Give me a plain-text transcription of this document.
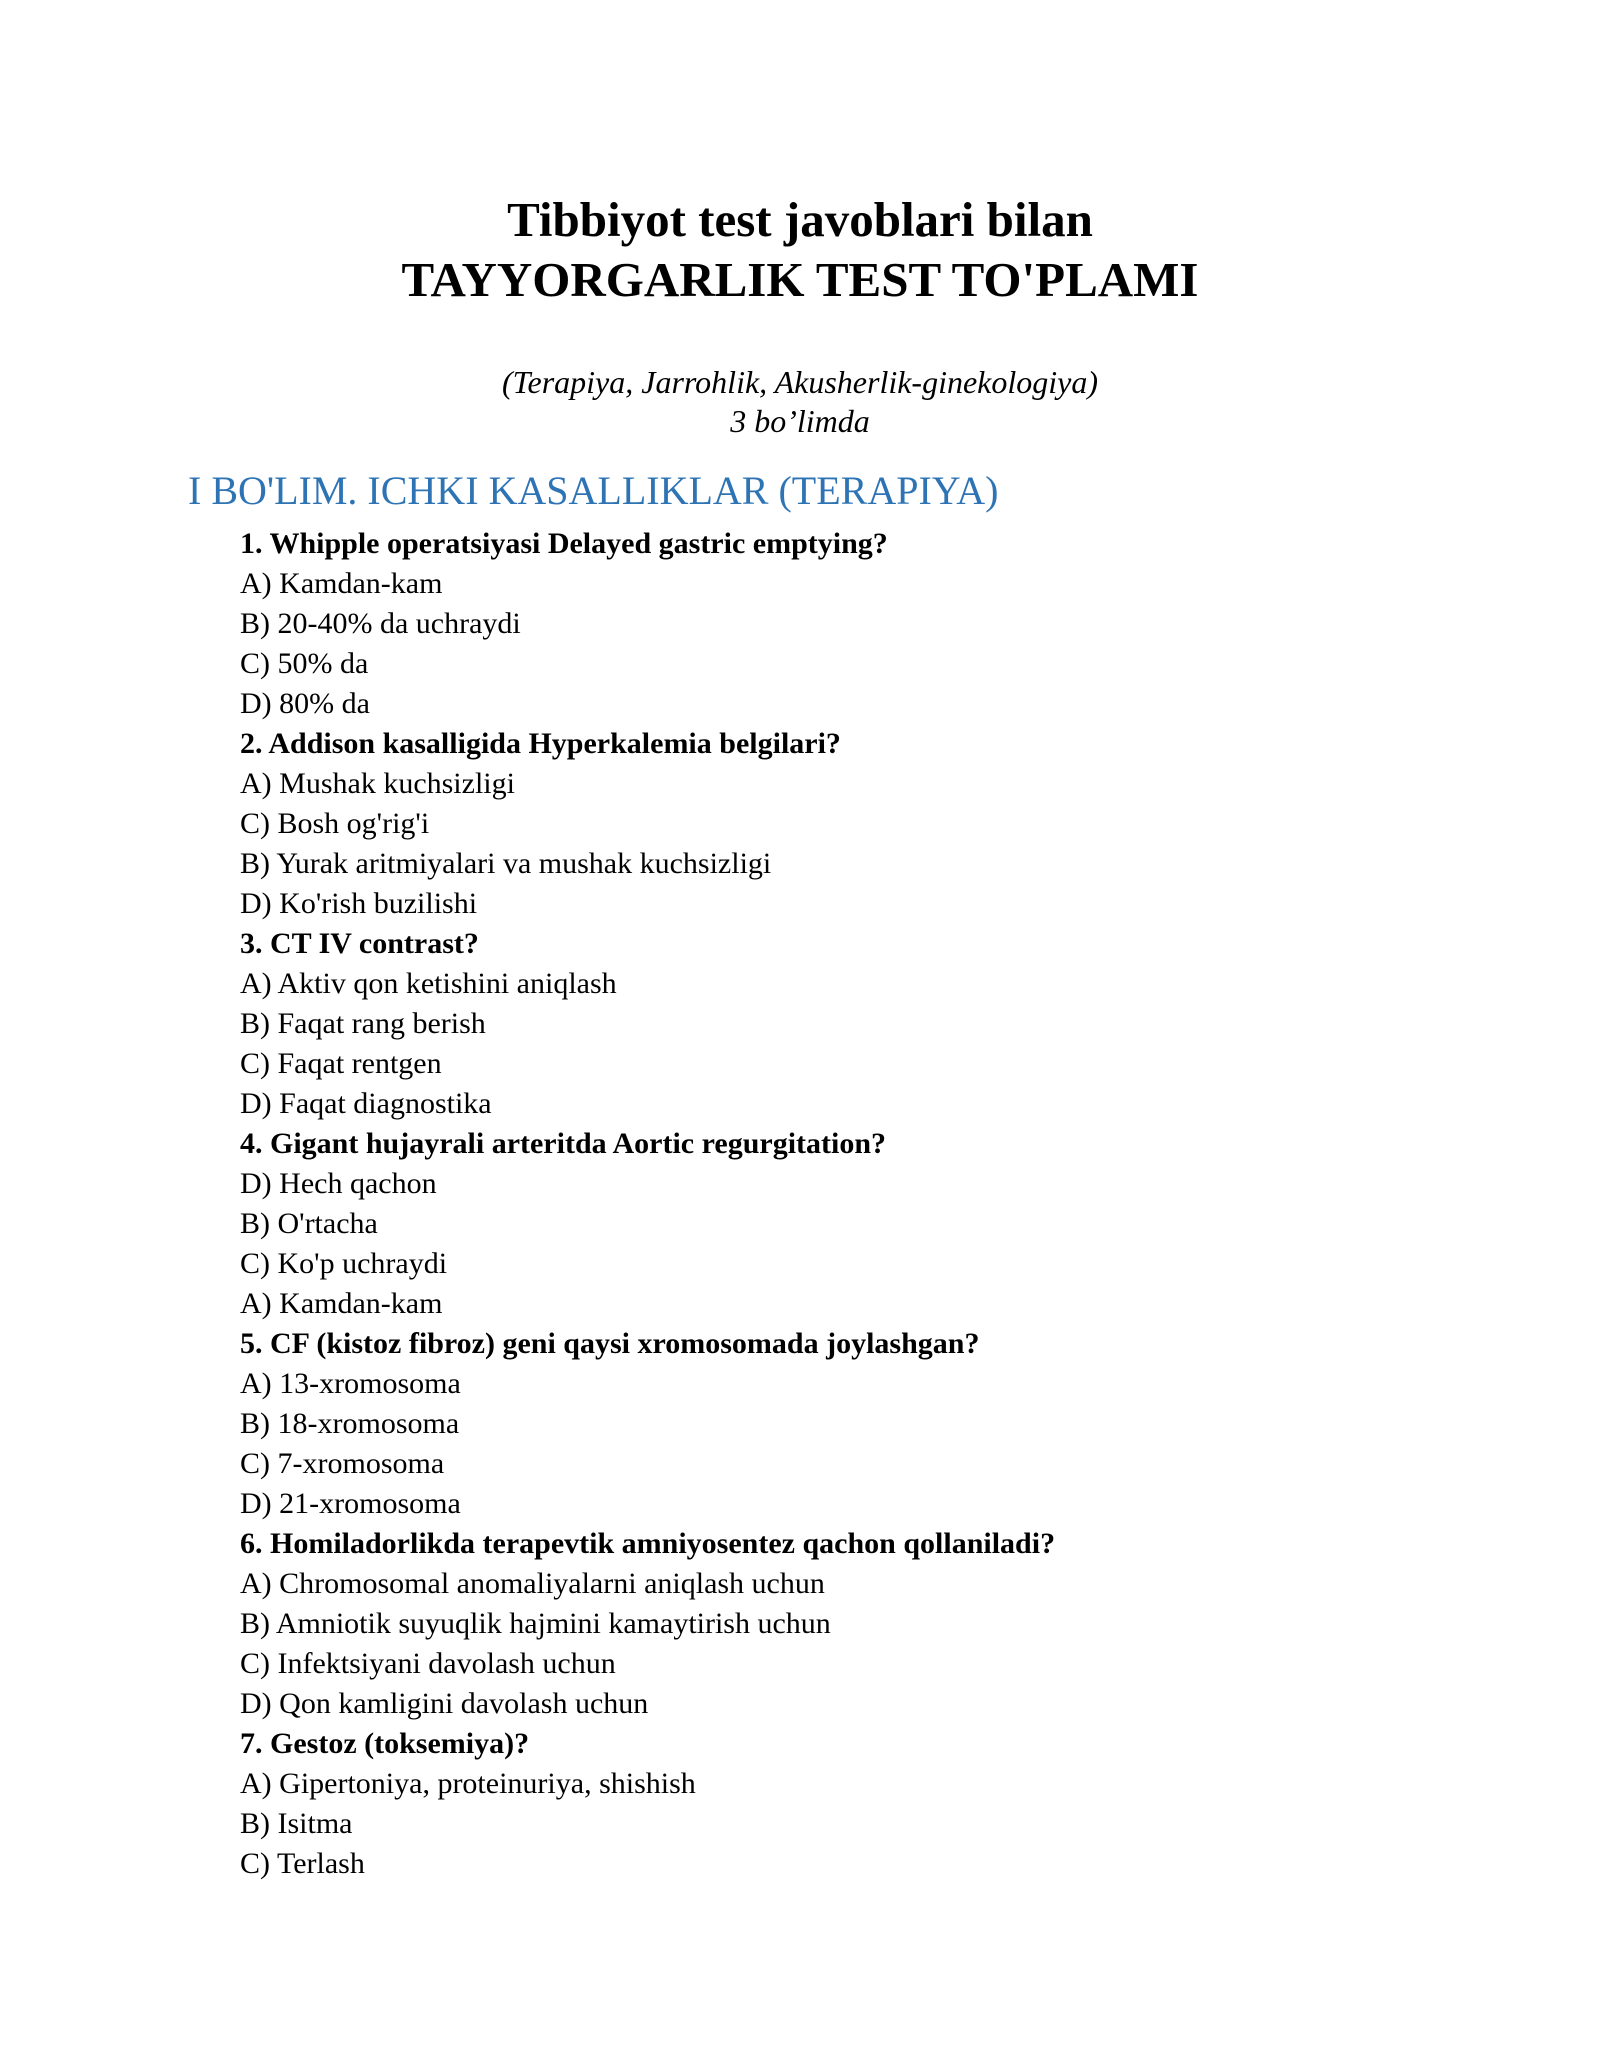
Tibbiyot test javoblari bilan
TAYYORGARLIK TEST TO'PLAMI
(Terapiya, Jarrohlik, Akusherlik-ginekologiya)
3 bo’limda
I BO'LIM. ICHKI KASALLIKLAR (TERAPIYA)
1. Whipple operatsiyasi Delayed gastric emptying?
A) Kamdan-kam
B) 20-40% da uchraydi
C) 50% da
D) 80% da
2. Addison kasalligida Hyperkalemia belgilari?
A) Mushak kuchsizligi
C) Bosh og'rig'i
B) Yurak aritmiyalari va mushak kuchsizligi
D) Ko'rish buzilishi
3. CT IV contrast?
A) Aktiv qon ketishini aniqlash
B) Faqat rang berish
C) Faqat rentgen
D) Faqat diagnostika
4. Gigant hujayrali arteritda Aortic regurgitation?
D) Hech qachon
B) O'rtacha
C) Ko'p uchraydi
A) Kamdan-kam
5. CF (kistoz fibroz) geni qaysi xromosomada joylashgan?
A) 13-xromosoma
B) 18-xromosoma
C) 7-xromosoma
D) 21-xromosoma
6. Homiladorlikda terapevtik amniyosentez qachon qollaniladi?
A) Chromosomal anomaliyalarni aniqlash uchun
B) Amniotik suyuqlik hajmini kamaytirish uchun
C) Infektsiyani davolash uchun
D) Qon kamligini davolash uchun
7. Gestoz (toksemiya)?
A) Gipertoniya, proteinuriya, shishish
B) Isitma
C) Terlash
